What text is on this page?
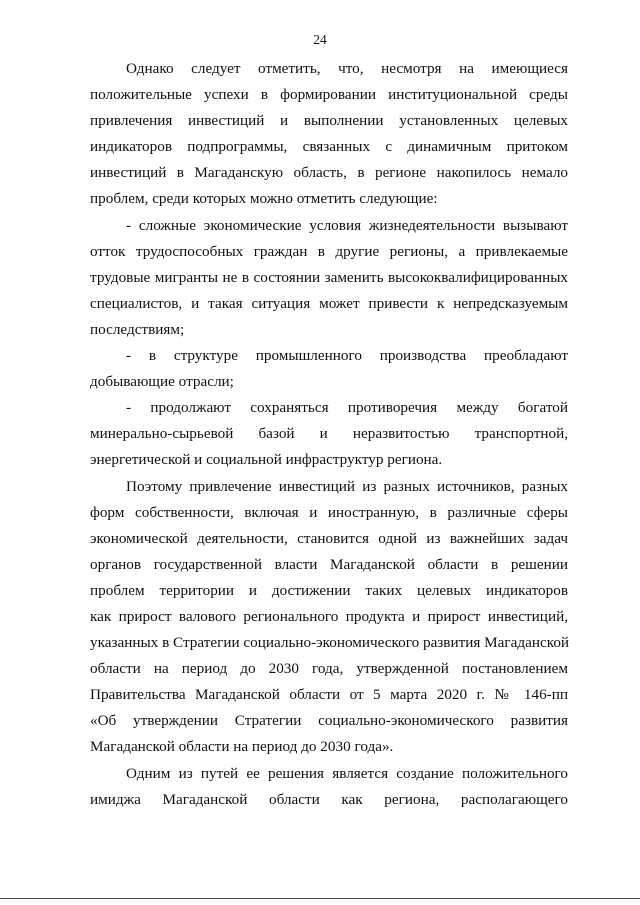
24
Однако следует отметить, что, несмотря на имеющиеся
положительные успехи в формировании институциональной среды
привлечения инвестиций и выполнении установленных целевых
индикаторов подпрограммы, связанных с динамичным притоком
инвестиций в Магаданскую область, в регионе накопилось немало
проблем, среди которых можно отметить следующие:
- сложные экономические условия жизнедеятельности вызывают
отток трудоспособных граждан в другие регионы, а привлекаемые
трудовые мигранты не в состоянии заменить высококвалифицированных
специалистов, и такая ситуация может привести к непредсказуемым
последствиям;
- в структуре промышленного производства преобладают
добывающие отрасли;
- продолжают сохраняться противоречия между богатой
минерально-сырьевой базой и неразвитостью транспортной,
энергетической и социальной инфраструктур региона.
Поэтому привлечение инвестиций из разных источников, разных
форм собственности, включая и иностранную, в различные сферы
экономической деятельности, становится одной из важнейших задач
органов государственной власти Магаданской области в решении
проблем территории и достижении таких целевых индикаторов
как прирост валового регионального продукта и прирост инвестиций,
указанных в Стратегии социально-экономического развития Магаданской
области на период до 2030 года, утвержденной постановлением
Правительства Магаданской области от 5 марта 2020 г. № 146-пп
«Об утверждении Стратегии социально-экономического развития
Магаданской области на период до 2030 года».
Одним из путей ее решения является создание положительного
имиджа Магаданской области как региона, располагающего
